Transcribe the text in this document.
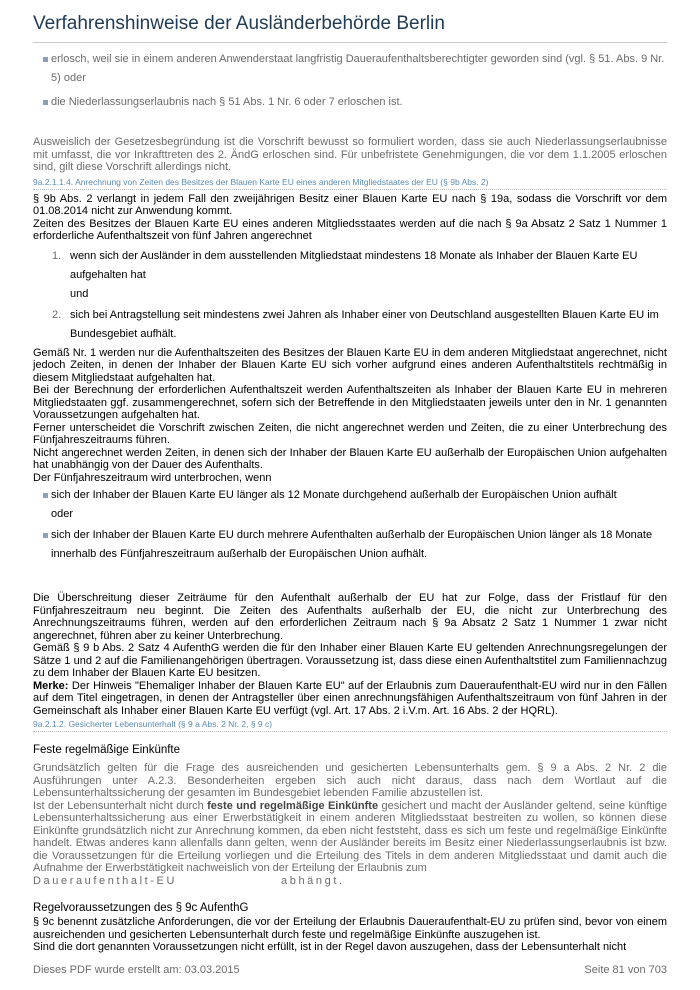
Verfahrenshinweise der Ausländerbehörde Berlin
erlosch, weil sie in einem anderen Anwenderstaat langfristig Daueraufenthaltsberechtigter geworden sind (vgl. § 51. Abs. 9 Nr. 5) oder
die Niederlassungserlaubnis nach § 51 Abs. 1 Nr. 6 oder 7 erloschen ist.

Ausweislich der Gesetzesbegründung ist die Vorschrift bewusst so formuliert worden, dass sie auch Niederlassungserlaubnisse mit umfasst, die vor Inkrafttreten des 2. ÄndG erloschen sind. Für unbefristete Genehmigungen, die vor dem 1.1.2005 erloschen sind, gilt diese Vorschrift allerdings nicht.

9a.2.1.1.4. Anrechnung von Zeiten des Besitzes der Blauen Karte EU eines anderen Mitgliedstaates der EU (§ 9b Abs. 2)

§ 9b Abs. 2 verlangt in jedem Fall den zweijährigen Besitz einer Blauen Karte EU nach § 19a, sodass die Vorschrift vor dem 01.08.2014 nicht zur Anwendung kommt.

Zeiten des Besitzes der Blauen Karte EU eines anderen Mitgliedsstaates werden auf die nach § 9a Absatz 2 Satz 1 Nummer 1 erforderliche Aufenthaltszeit von fünf Jahren angerechnet

1. wenn sich der Ausländer in dem ausstellenden Mitgliedstaat mindestens 18 Monate als Inhaber der Blauen Karte EU aufgehalten hat
und
2. sich bei Antragstellung seit mindestens zwei Jahren als Inhaber einer von Deutschland ausgestellten Blauen Karte EU im Bundesgebiet aufhält.

Gemäß Nr. 1 werden nur die Aufenthaltszeiten des Besitzes der Blauen Karte EU in dem anderen Mitgliedstaat angerechnet, nicht jedoch Zeiten, in denen der Inhaber der Blauen Karte EU sich vorher aufgrund eines anderen Aufenthaltstitels rechtmäßig in diesem Mitgliedstaat aufgehalten hat.

Bei der Berechnung der erforderlichen Aufenthaltszeit werden Aufenthaltszeiten als Inhaber der Blauen Karte EU in mehreren Mitgliedstaaten ggf. zusammengerechnet, sofern sich der Betreffende in den Mitgliedstaaten jeweils unter den in Nr. 1 genannten Voraussetzungen aufgehalten hat.

Ferner unterscheidet die Vorschrift zwischen Zeiten, die nicht angerechnet werden und Zeiten, die zu einer Unterbrechung des Fünfjahreszeitraums führen.

Nicht angerechnet werden Zeiten, in denen sich der Inhaber der Blauen Karte EU außerhalb der Europäischen Union aufgehalten hat unabhängig von der Dauer des Aufenthalts.

Der Fünfjahreszeitraum wird unterbrochen, wenn

sich der Inhaber der Blauen Karte EU länger als 12 Monate durchgehend außerhalb der Europäischen Union aufhält
oder
sich der Inhaber der Blauen Karte EU durch mehrere Aufenthalten außerhalb der Europäischen Union länger als 18 Monate innerhalb des Fünfjahreszeitraum außerhalb der Europäischen Union aufhält.

Die Überschreitung dieser Zeiträume für den Aufenthalt außerhalb der EU hat zur Folge, dass der Fristlauf für den Fünfjahreszeitraum neu beginnt. Die Zeiten des Aufenthalts außerhalb der EU, die nicht zur Unterbrechung des Anrechnungszeitraums führen, werden auf den erforderlichen Zeitraum nach § 9a Absatz 2 Satz 1 Nummer 1 zwar nicht angerechnet, führen aber zu keiner Unterbrechung.

Gemäß § 9 b Abs. 2 Satz 4 AufenthG werden die für den Inhaber einer Blauen Karte EU geltenden Anrechnungsregelungen der Sätze 1 und 2 auf die Familienangehörigen übertragen. Voraussetzung ist, dass diese einen Aufenthaltstitel zum Familiennachzug zu dem Inhaber der Blauen Karte EU besitzen.

Merke: Der Hinweis "Ehemaliger Inhaber der Blauen Karte EU" auf der Erlaubnis zum Daueraufenthalt-EU wird nur in den Fällen auf dem Titel eingetragen, in denen der Antragsteller über einen anrechnungsfähigen Aufenthaltszeitraum von fünf Jahren in der Gemeinschaft als Inhaber einer Blauen Karte EU verfügt (vgl. Art. 17 Abs. 2 i.V.m. Art. 16 Abs. 2 der HQRL).

9a.2.1.2. Gesicherter Lebensunterhalt (§ 9 a Abs. 2 Nr. 2, § 9 c)
Feste regelmäßige Einkünfte

Grundsätzlich gelten für die Frage des ausreichenden und gesicherten Lebensunterhalts gem. § 9 a Abs. 2 Nr. 2 die Ausführungen unter A.2.3. Besonderheiten ergeben sich auch nicht daraus, dass nach dem Wortlaut auf die Lebensunterhaltssicherung der gesamten im Bundesgebiet lebenden Familie abzustellen ist.

Ist der Lebensunterhalt nicht durch feste und regelmäßige Einkünfte gesichert und macht der Ausländer geltend, seine künftige Lebensunterhaltssicherung aus einer Erwerbstätigkeit in einem anderen Mitgliedsstaat bestreiten zu wollen, so können diese Einkünfte grundsätzlich nicht zur Anrechnung kommen, da eben nicht feststeht, dass es sich um feste und regelmäßige Einkünfte handelt. Etwas anderes kann allenfalls dann gelten, wenn der Ausländer bereits im Besitz einer Niederlassungserlaubnis ist bzw. die Voraussetzungen für die Erteilung vorliegen und die Erteilung des Titels in dem anderen Mitgliedsstaat und damit auch die Aufnahme der Erwerbstätigkeit nachweislich von der Erteilung der Erlaubnis zum
Daueraufenthalt-EU	abhängt.

Regelvoraussetzungen des § 9c AufenthG

§ 9c benennt zusätzliche Anforderungen, die vor der Erteilung der Erlaubnis Daueraufenthalt-EU zu prüfen sind, bevor von einem ausreichenden und gesicherten Lebensunterhalt durch feste und regelmäßige Einkünfte auszugehen ist.

Sind die dort genannten Voraussetzungen nicht erfüllt, ist in der Regel davon auszugehen, dass der Lebensunterhalt nicht

Dieses PDF wurde erstellt am: 03.03.2015	Seite 81 von 703
